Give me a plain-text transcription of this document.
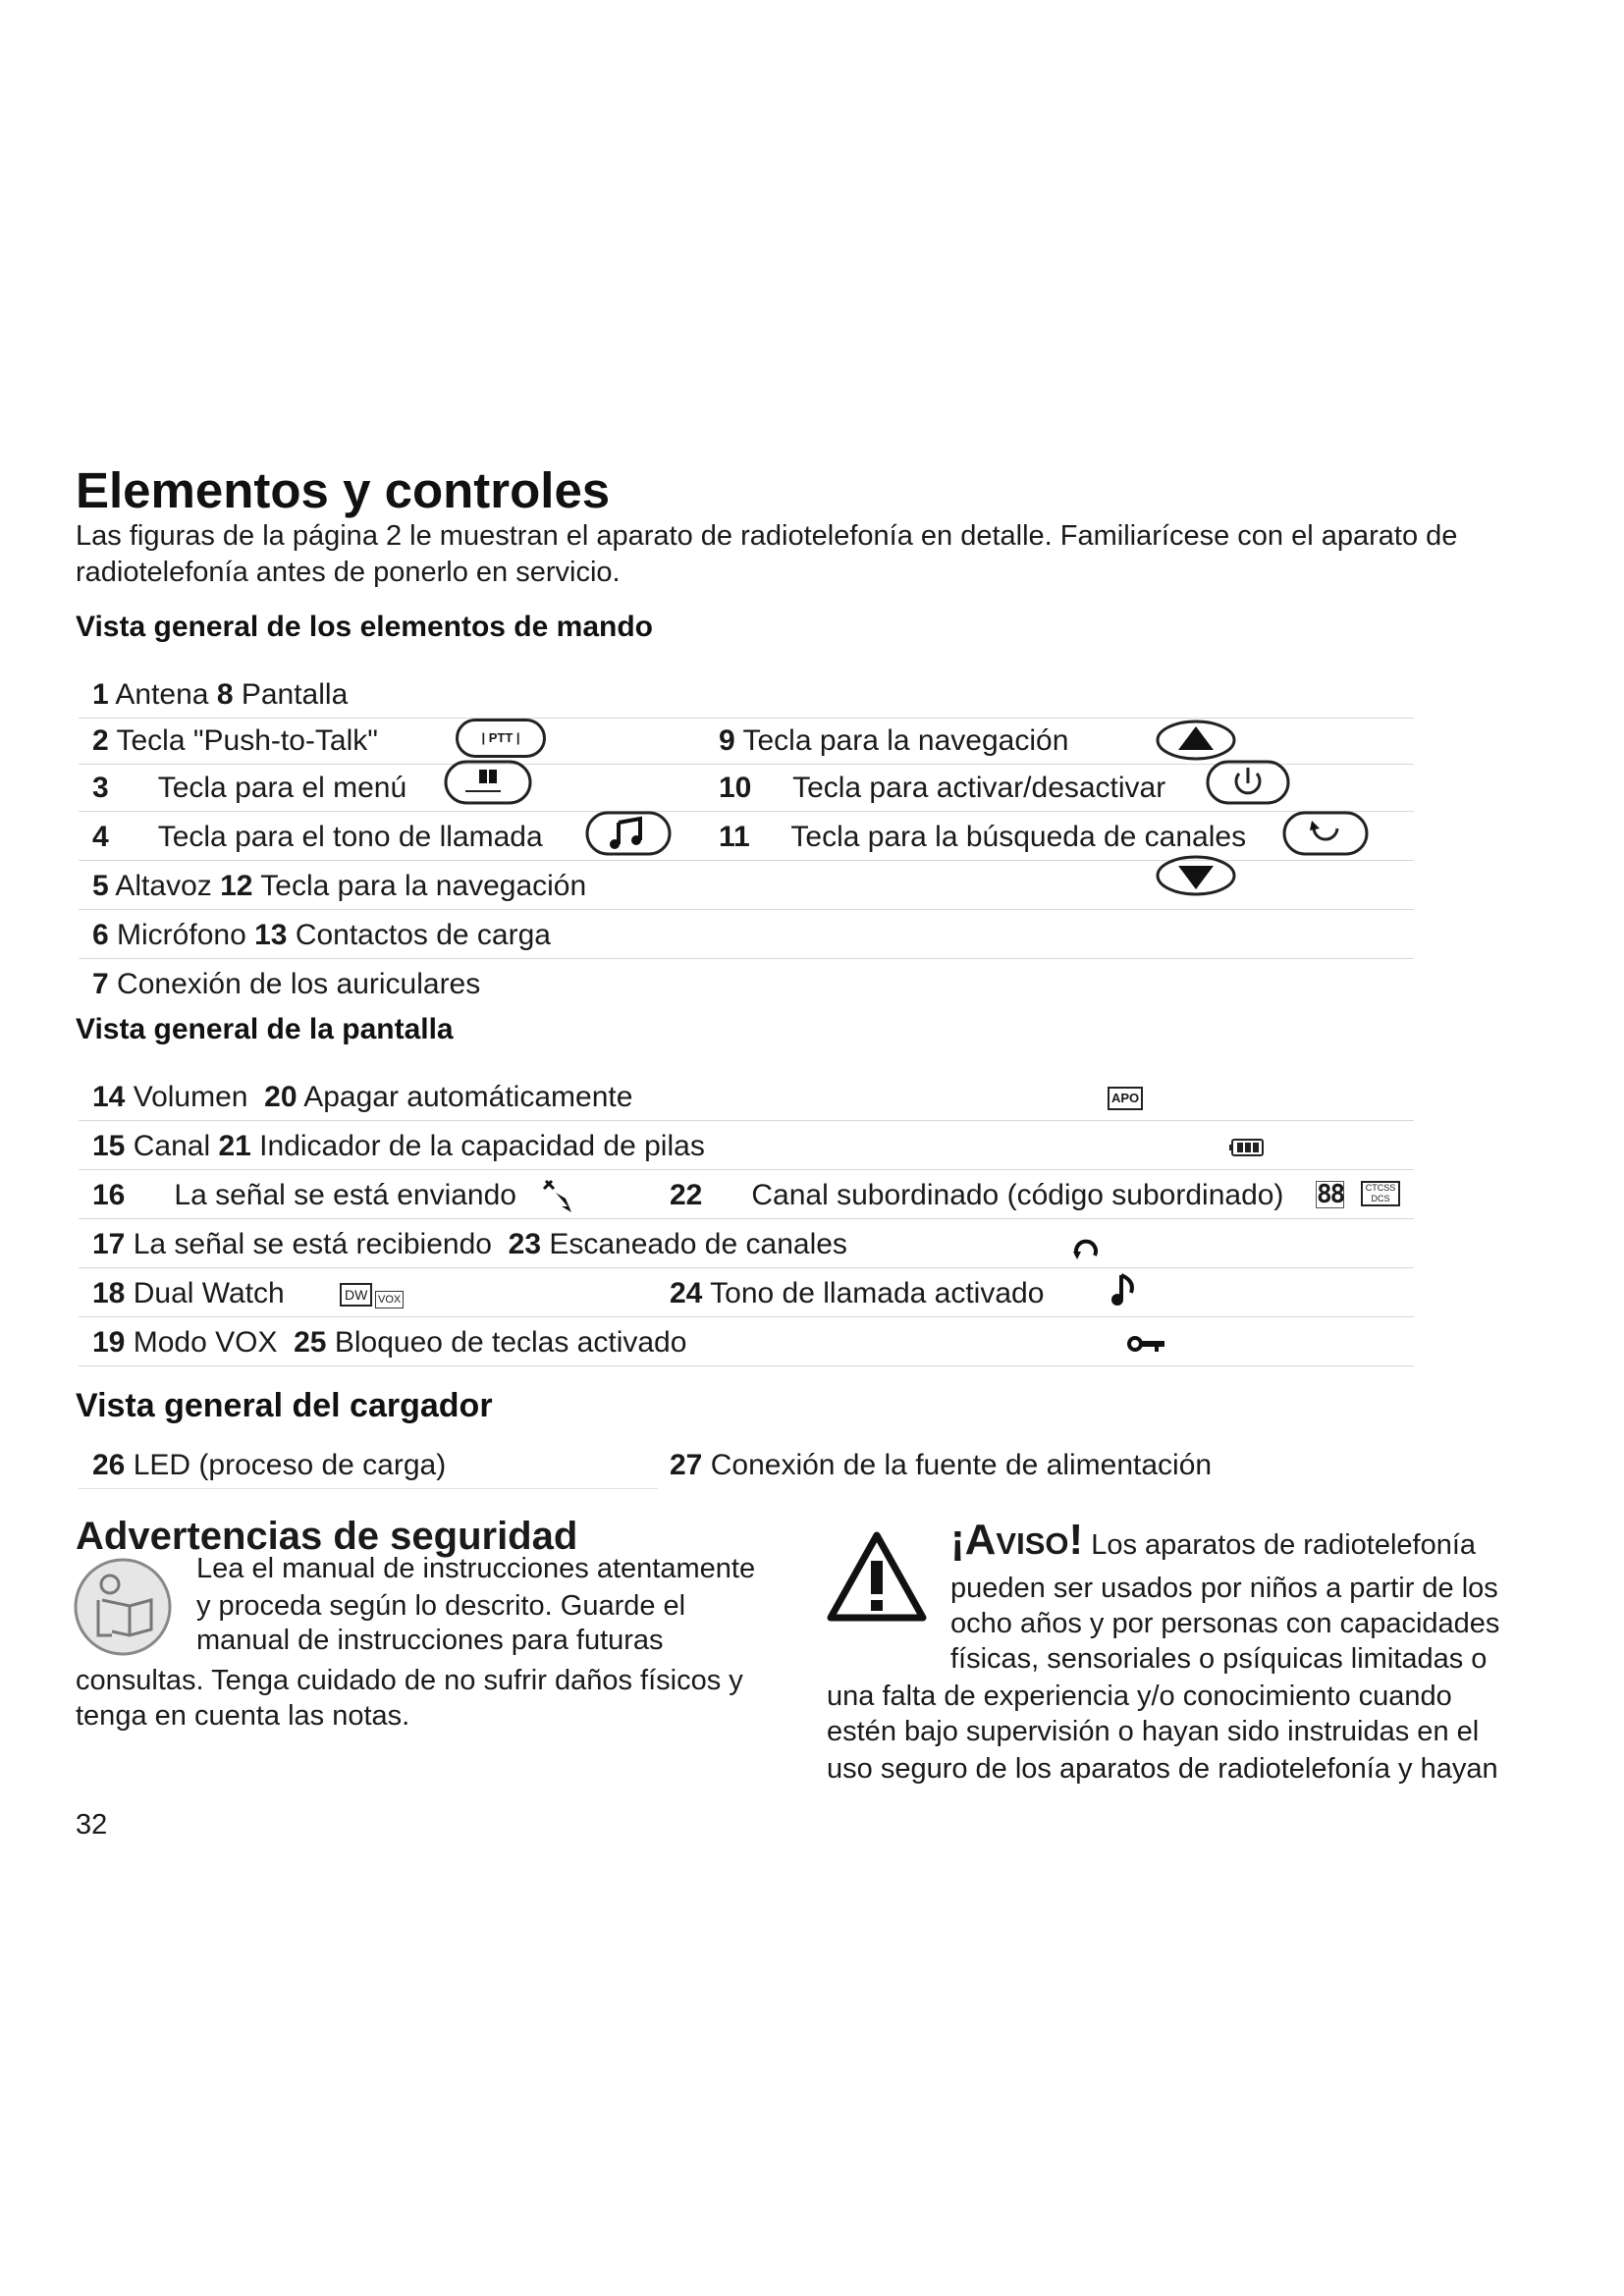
Elementos y controles
Las figuras de la página 2 le muestran el aparato de radiotelefonía en detalle. Familiarícese con el aparato de radiotelefonía antes de ponerlo en servicio.
Vista general de los elementos de mando
1 Antena 8 Pantalla
2 Tecla "Push-to-Talk"	| PTT |	9 Tecla para la navegación
3 Tecla para el menú	10 Tecla para activar/desactivar
4 Tecla para el tono de llamada	11 Tecla para la búsqueda de canales
5 Altavoz 12 Tecla para la navegación
6 Micrófono 13 Contactos de carga
7 Conexión de los auriculares
Vista general de la pantalla
14 Volumen 20 Apagar automáticamente	APO
15 Canal 21 Indicador de la capacidad de pilas
16 La señal se está enviando	22 Canal subordinado (código subordinado) 88	CTCSS DCS
17 La señal se está recibiendo 23 Escaneado de canales
18 Dual Watch	DW	24 Tono de llamada activado
19 Modo VOX 25 Bloqueo de teclas activado
VOX
Vista general del cargador
26 LED (proceso de carga)	27 Conexión de la fuente de alimentación
Advertencias de seguridad
Lea el manual de instrucciones atentamente
y proceda según lo descrito. Guarde el
manual de instrucciones para futuras
consultas. Tenga cuidado de no sufrir daños físicos y
tenga en cuenta las notas.
¡Aviso! Los aparatos de radiotelefonía
pueden ser usados por niños a partir de los
ocho años y por personas con capacidades
físicas, sensoriales o psíquicas limitadas o
una falta de experiencia y/o conocimiento cuando
estén bajo supervisión o hayan sido instruidas en el
uso seguro de los aparatos de radiotelefonía y hayan
32
